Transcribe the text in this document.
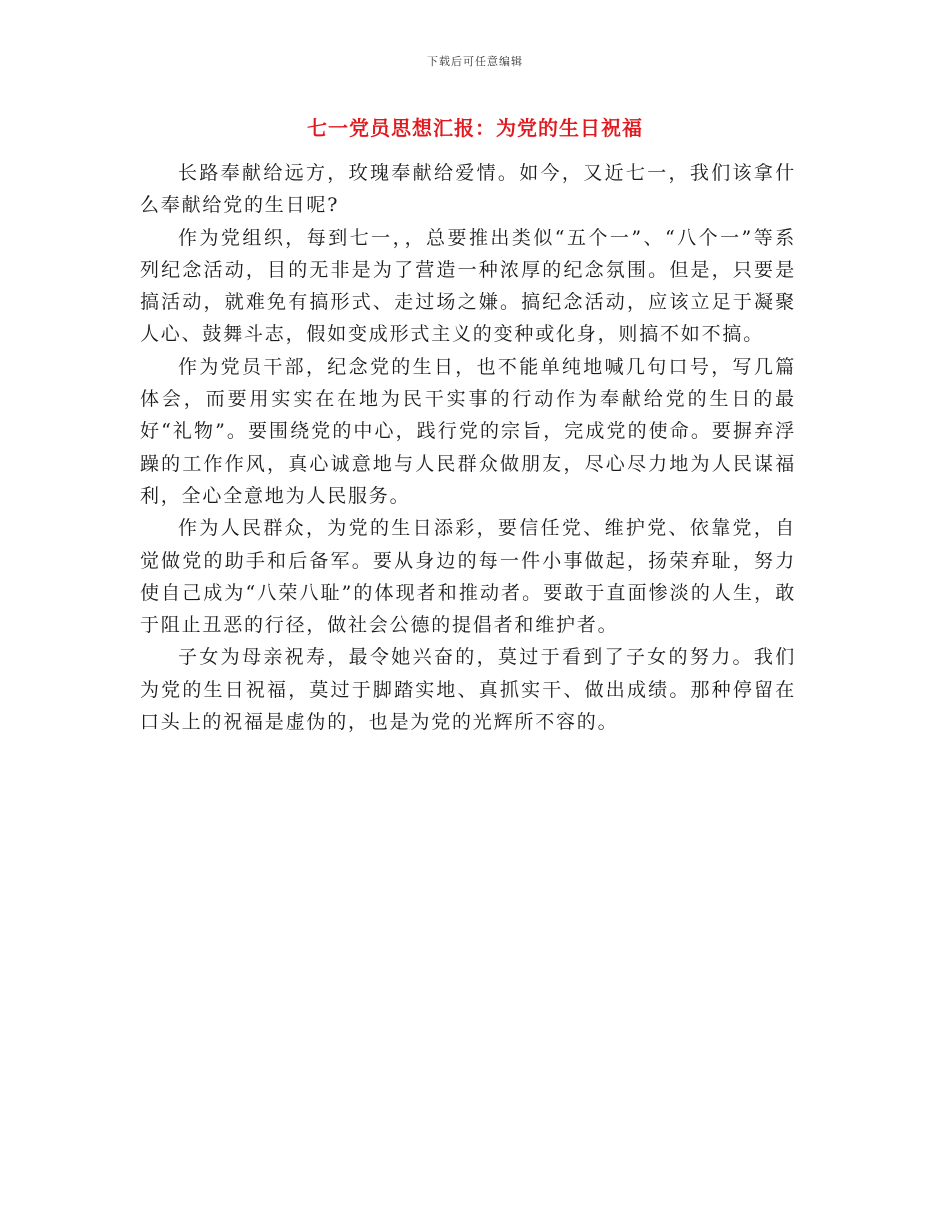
下载后可任意编辑
七一党员思想汇报：为党的生日祝福

长路奉献给远方，玫瑰奉献给爱情。如今，又近七一，我们该拿什么奉献给党的生日呢?

作为党组织，每到七一，，总要推出类似“五个一”、“八个一”等系列纪念活动，目的无非是为了营造一种浓厚的纪念氛围。但是，只要是搞活动，就难免有搞形式、走过场之嫌。搞纪念活动，应该立足于凝聚人心、鼓舞斗志，假如变成形式主义的变种或化身，则搞不如不搞。

作为党员干部，纪念党的生日，也不能单纯地喊几句口号，写几篇体会，而要用实实在在地为民干实事的行动作为奉献给党的生日的最好“礼物”。要围绕党的中心，践行党的宗旨，完成党的使命。要摒弃浮躁的工作作风，真心诚意地与人民群众做朋友，尽心尽力地为人民谋福利，全心全意地为人民服务。

作为人民群众，为党的生日添彩，要信任党、维护党、依靠党，自觉做党的助手和后备军。要从身边的每一件小事做起，扬荣弃耻，努力使自己成为“八荣八耻”的体现者和推动者。要敢于直面惨淡的人生，敢于阻止丑恶的行径，做社会公德的提倡者和维护者。

子女为母亲祝寿，最令她兴奋的，莫过于看到了子女的努力。我们为党的生日祝福，莫过于脚踏实地、真抓实干、做出成绩。那种停留在口头上的祝福是虚伪的，也是为党的光辉所不容的。
